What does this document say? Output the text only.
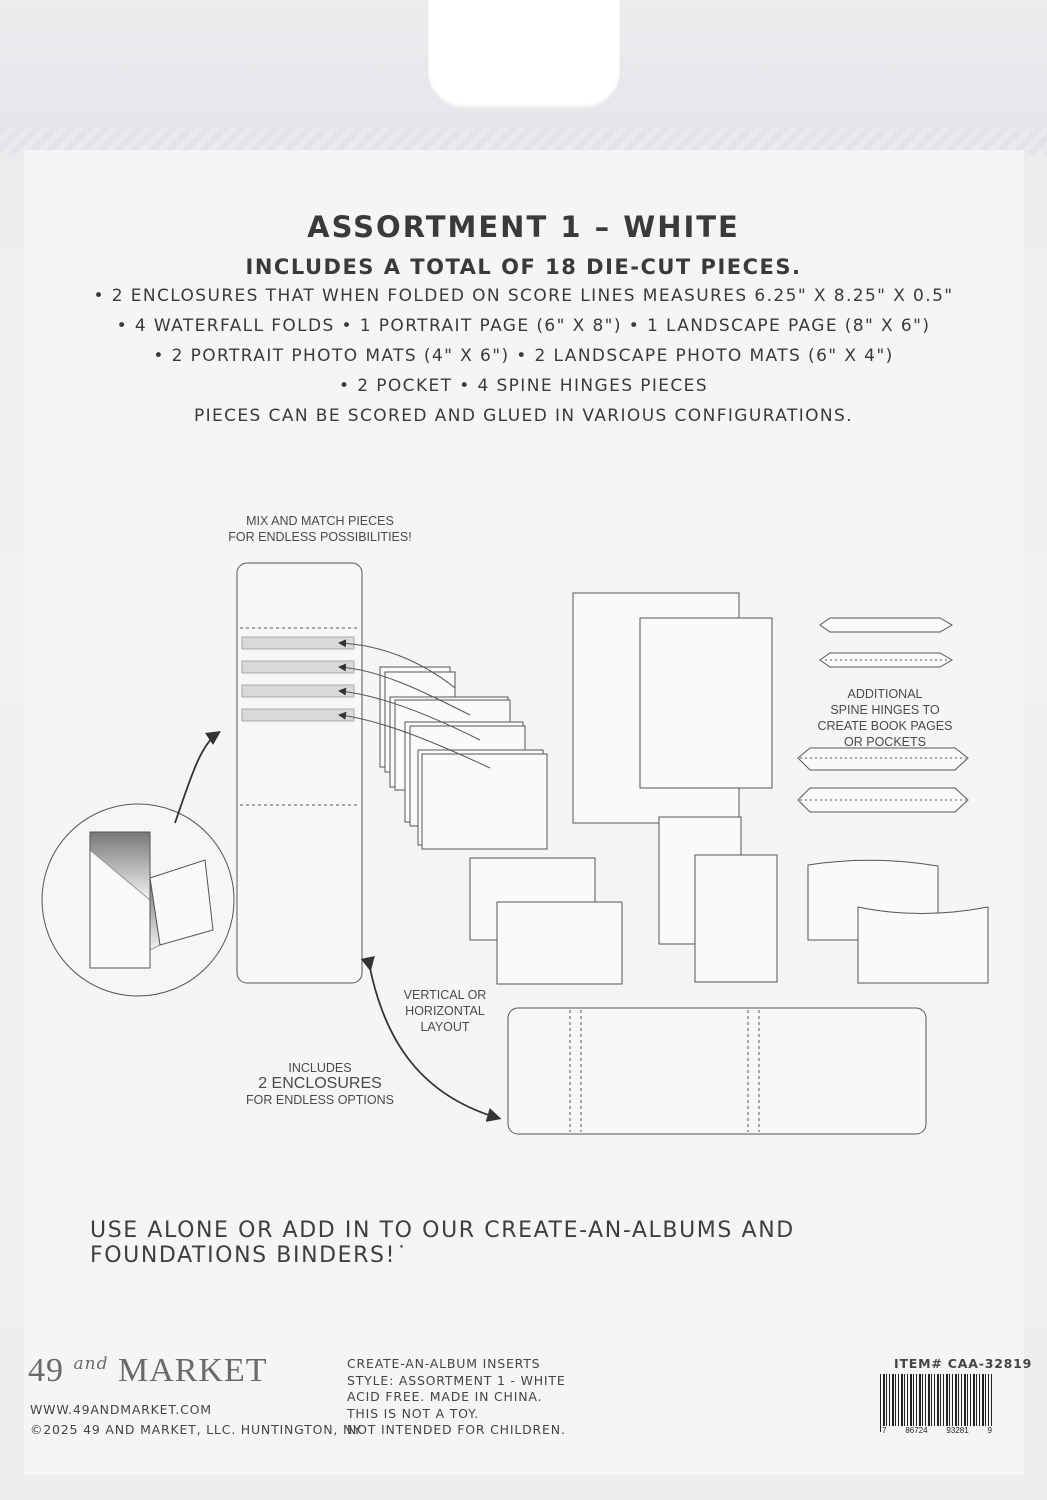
ASSORTMENT 1 – WHITE
INCLUDES A TOTAL OF 18 DIE-CUT PIECES.
• 2 ENCLOSURES THAT WHEN FOLDED ON SCORE LINES MEASURES 6.25" X 8.25" X 0.5"
• 4 WATERFALL FOLDS • 1 PORTRAIT PAGE (6" X 8") • 1 LANDSCAPE PAGE (8" X 6")
• 2 PORTRAIT PHOTO MATS (4" X 6") • 2 LANDSCAPE PHOTO MATS (6" X 4")
• 2 POCKET • 4 SPINE HINGES PIECES
PIECES CAN BE SCORED AND GLUED IN VARIOUS CONFIGURATIONS.
MIX AND MATCH PIECES
FOR ENDLESS POSSIBILITIES!
ADDITIONAL
SPINE HINGES TO
CREATE BOOK PAGES
OR POCKETS
VERTICAL OR
HORIZONTAL
LAYOUT
INCLUDES
2 ENCLOSURES
FOR ENDLESS OPTIONS
USE ALONE OR ADD IN TO OUR CREATE-AN-ALBUMS AND FOUNDATIONS BINDERS!˙
49 $^{and}$ MARKET
WWW.49ANDMARKET.COM
©2025 49 AND MARKET, LLC. HUNTINGTON, NY.
CREATE-AN-ALBUM INSERTS
STYLE: ASSORTMENT 1 - WHITE
ACID FREE. MADE IN CHINA.
THIS IS NOT A TOY.
NOT INTENDED FOR CHILDREN.
ITEM# CAA-32819
7 86724 93281 9
